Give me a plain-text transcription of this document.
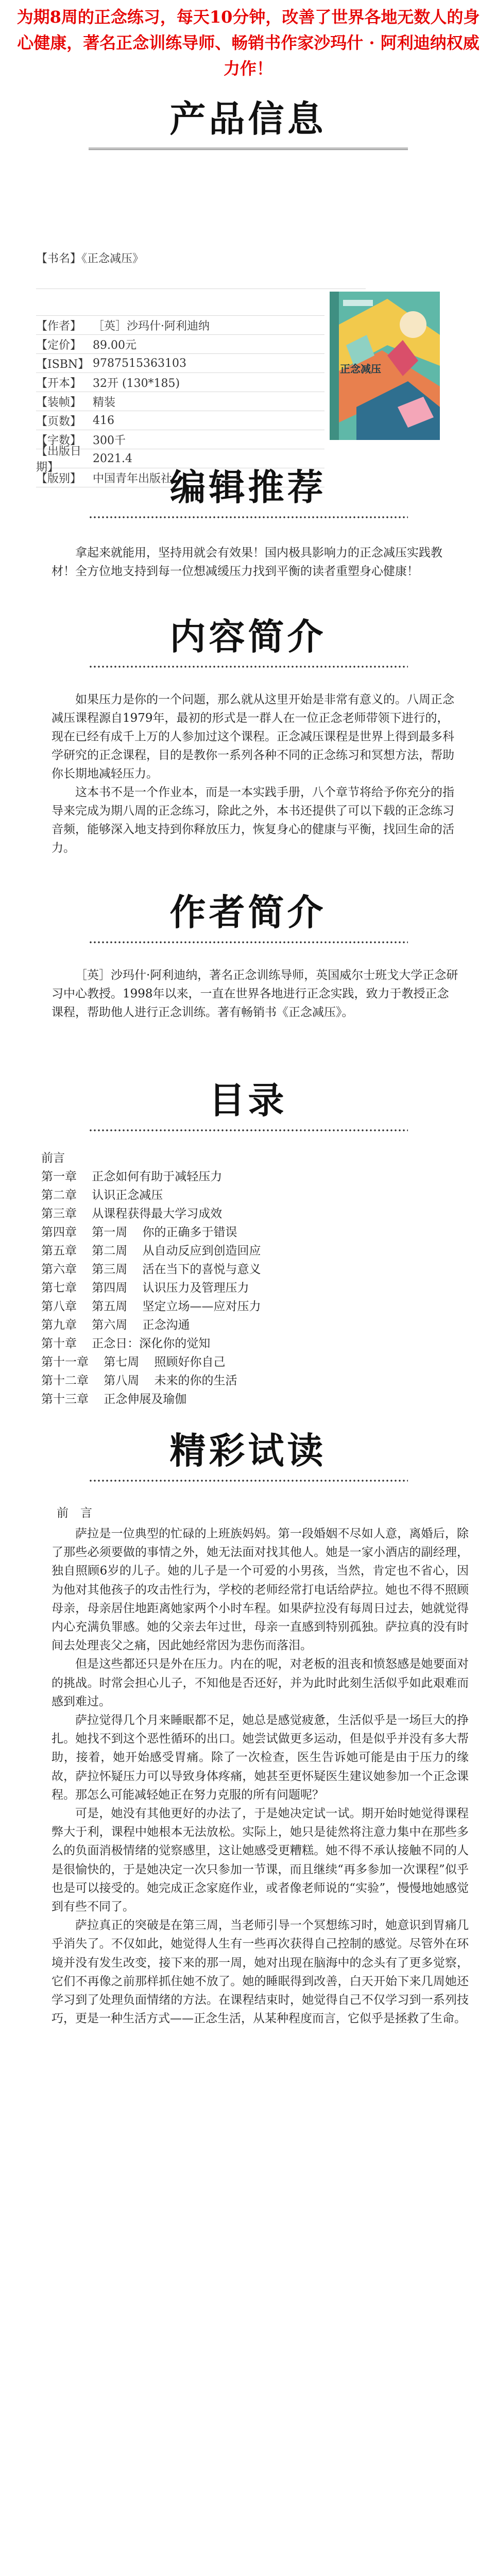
为期8周的正念练习，每天10分钟，改善了世界各地无数人的身心健康，著名正念训练导师、畅销书作家沙玛什 · 阿利迪纳权威力作！
产品信息
【书名】《正念减压》
【作者】 ［英］沙玛什·阿利迪纳
【定价】 89.00元
【ISBN】 9787515363103
【开本】 32开 (130*185)
【装帧】 精装
【页数】 416
【字数】 300千
【出版日期】
2021.4
【版别】 中国青年出版社
正念减压
编辑推荐
拿起来就能用，坚持用就会有效果！国内极具影响力的正念减压实践教材！全方位地支持到每一位想减缓压力找到平衡的读者重塑身心健康！
内容简介

如果压力是你的一个问题，那么就从这里开始是非常有意义的。八周正念减压课程源自1979年，最初的形式是一群人在一位正念老师带领下进行的，现在已经有成千上万的人参加过这个课程。正念减压课程是世界上得到最多科学研究的正念课程，目的是教你一系列各种不同的正念练习和冥想方法，帮助你长期地减轻压力。

这本书不是一个作业本，而是一本实践手册，八个章节将给予你充分的指导来完成为期八周的正念练习，除此之外，本书还提供了可以下载的正念练习音频，能够深入地支持到你释放压力，恢复身心的健康与平衡，找回生命的活力。

作者简介
［英］沙玛什·阿利迪纳，著名正念训练导师，英国威尔士班戈大学正念研习中心教授。1998年以来，一直在世界各地进行正念实践，致力于教授正念课程，帮助他人进行正念训练。著有畅销书《正念减压》。
目录
前言
第一章    正念如何有助于减轻压力
第二章    认识正念减压
第三章    从课程获得最大学习成效
第四章    第一周    你的正确多于错误
第五章    第二周    从自动反应到创造回应
第六章    第三周    活在当下的喜悦与意义
第七章    第四周    认识压力及管理压力
第八章    第五周    坚定立场——应对压力
第九章    第六周    正念沟通
第十章    正念日：深化你的觉知
第十一章    第七周    照顾好你自己
第十二章    第八周    未来的你的生活
第十三章    正念伸展及瑜伽
精彩试读
前　言

萨拉是一位典型的忙碌的上班族妈妈。第一段婚姻不尽如人意，离婚后，除了那些必须要做的事情之外，她无法面对找其他人。她是一家小酒店的副经理，独自照顾6岁的儿子。她的儿子是一个可爱的小男孩，当然，肯定也不省心，因为他对其他孩子的攻击性行为，学校的老师经常打电话给萨拉。她也不得不照顾母亲，母亲居住地距离她家两个小时车程。如果萨拉没有每周日过去，她就觉得内心充满负罪感。她的父亲去年过世，母亲一直感到特别孤独。萨拉真的没有时间去处理丧父之痛，因此她经常因为悲伤而落泪。

但是这些都还只是外在压力。内在的呢，对老板的沮丧和愤怒感是她要面对的挑战。时常会担心儿子，不知他是否还好，并为此时此刻生活似乎如此艰难而感到难过。

萨拉觉得几个月来睡眠都不足，她总是感觉疲惫，生活似乎是一场巨大的挣扎。她找不到这个恶性循环的出口。她尝试做更多运动，但是似乎并没有多大帮助，接着，她开始感受胃痛。除了一次检查，医生告诉她可能是由于压力的缘故，萨拉怀疑压力可以导致身体疼痛，她甚至更怀疑医生建议她参加一个正念课程。那怎么可能减轻她正在努力克服的所有问题呢？

可是，她没有其他更好的办法了，于是她决定试一试。期开始时她觉得课程弊大于利，课程中她根本无法放松。实际上，她只是徒然将注意力集中在那些多么的负面消极情绪的觉察感里，这让她感受更糟糕。她不得不承认接触不同的人是很愉快的，于是她决定一次只参加一节课，而且继续“再多参加一次课程”似乎也是可以接受的。她完成正念家庭作业，或者像老师说的“实验”，慢慢地她感觉到有些不同了。

萨拉真正的突破是在第三周，当老师引导一个冥想练习时，她意识到胃痛几乎消失了。不仅如此，她觉得人生有一些再次获得自己控制的感觉。尽管外在环境并没有发生改变，接下来的那一周，她对出现在脑海中的念头有了更多觉察，它们不再像之前那样抓住她不放了。她的睡眠得到改善，白天开始下来几周她还学习到了处理负面情绪的方法。在课程结束时，她觉得自己不仅学习到一系列技巧，更是一种生活方式——正念生活，从某种程度而言，它似乎是拯救了生命。
